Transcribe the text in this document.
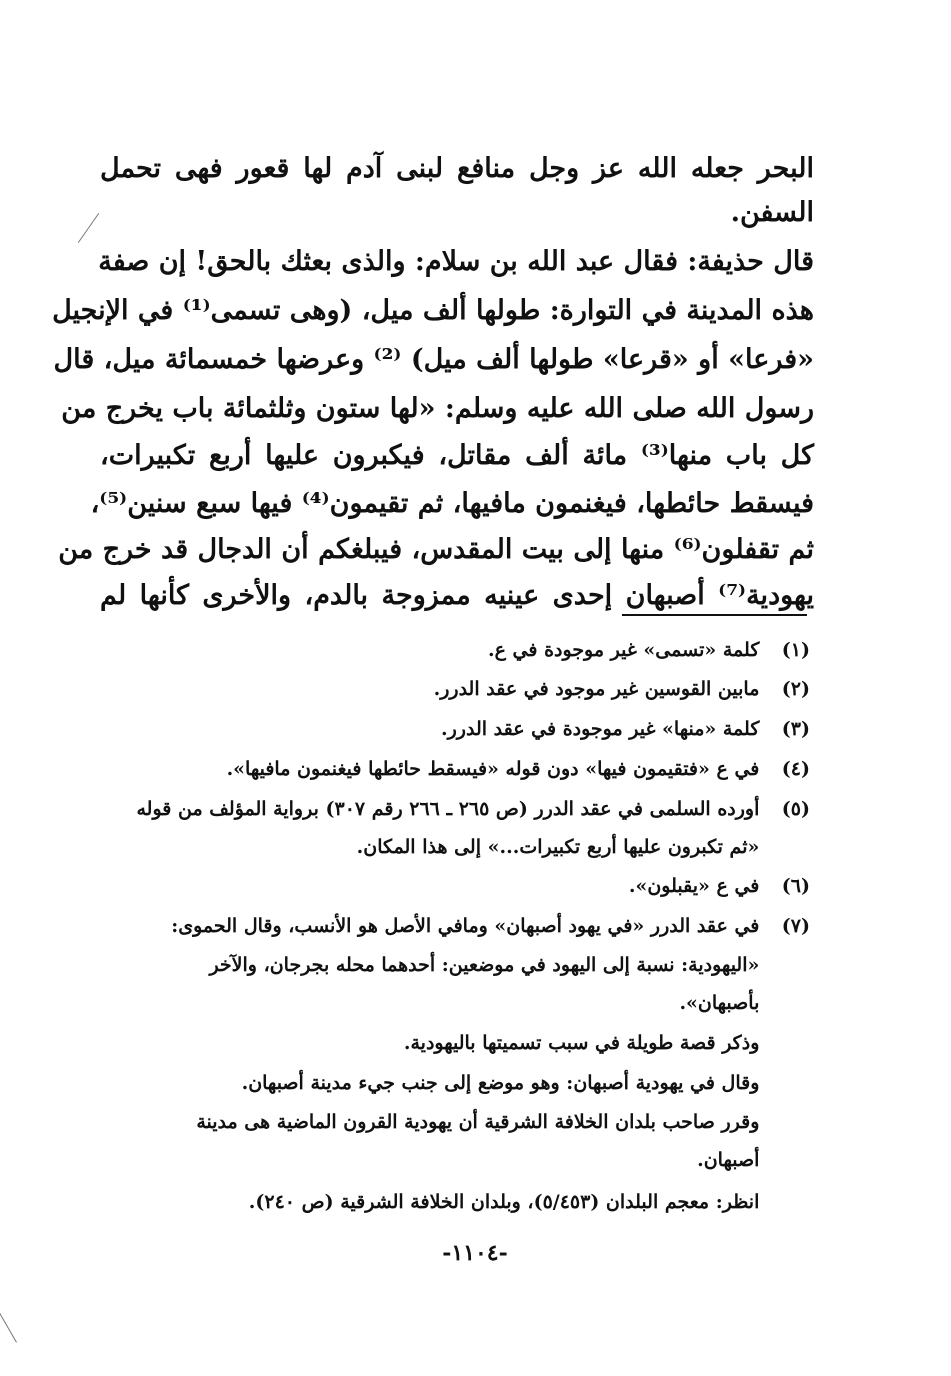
البحر جعله الله عز وجل منافع لبنى آدم لها قعور فهى تحمل
السفن.
قال حذيفة: فقال عبد الله بن سلام: والذى بعثك بالحق! إن صفة
هذه المدينة في التوارة: طولها ألف ميل، (وهى تسمى⁽¹⁾ في الإنجيل
«فرعا» أو «قرعا» طولها ألف ميل) ⁽²⁾ وعرضها خمسمائة ميل، قال
رسول الله صلى الله عليه وسلم: «لها ستون وثلثمائة باب يخرج من
كل باب منها⁽³⁾ مائة ألف مقاتل، فيكبرون عليها أربع تكبيرات،
فيسقط حائطها، فيغنمون مافيها، ثم تقيمون⁽⁴⁾ فيها سبع سنين⁽⁵⁾،
ثم تقفلون⁽⁶⁾ منها إلى بيت المقدس، فيبلغكم أن الدجال قد خرج من
يهودية⁽⁷⁾ أصبهان إحدى عينيه ممزوجة بالدم، والأخرى كأنها لم
(١) كلمة «تسمى» غير موجودة في ع.
(٢) مابين القوسين غير موجود في عقد الدرر.
(٣) كلمة «منها» غير موجودة في عقد الدرر.
(٤) في ع «فتقيمون فيها» دون قوله «فيسقط حائطها فيغنمون مافيها».
(٥) أورده السلمى في عقد الدرر (ص ٢٦٥ ـ ٢٦٦ رقم ٣٠٧) برواية المؤلف من قوله
«ثم تكبرون عليها أربع تكبيرات...» إلى هذا المكان.
(٦) في ع «يقبلون».
(٧) في عقد الدرر «في يهود أصبهان» ومافي الأصل هو الأنسب، وقال الحموى:
«اليهودية: نسبة إلى اليهود في موضعين: أحدهما محله بجرجان، والآخر
بأصبهان».
وذكر قصة طويلة في سبب تسميتها باليهودية.
وقال في يهودية أصبهان: وهو موضع إلى جنب جيء مدينة أصبهان.
وقرر صاحب بلدان الخلافة الشرقية أن يهودية القرون الماضية هى مدينة
أصبهان.
انظر: معجم البلدان (٥/٤٥٣)، وبلدان الخلافة الشرقية (ص ٢٤٠).
-١١٠٤-
